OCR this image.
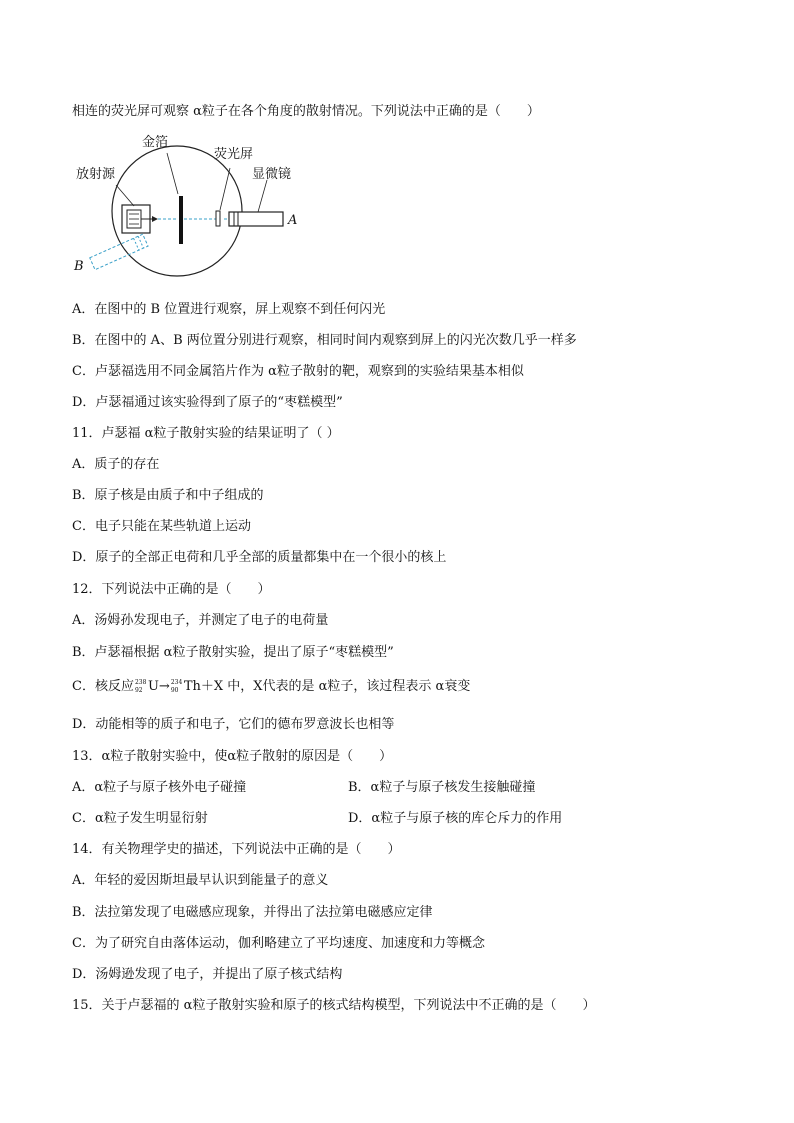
相连的荧光屏可观察 α粒子在各个角度的散射情况。下列说法中正确的是（　　）
金箔
荧光屏
放射源	显微镜
A
B
A．在图中的 B 位置进行观察，屏上观察不到任何闪光
B．在图中的 A、B 两位置分别进行观察，相同时间内观察到屏上的闪光次数几乎一样多
C．卢瑟福选用不同金属箔片作为 α粒子散射的靶，观察到的实验结果基本相似
D．卢瑟福通过该实验得到了原子的“枣糕模型”
11．卢瑟福 α粒子散射实验的结果证明了（ ）
A．质子的存在
B．原子核是由质子和中子组成的
C．电子只能在某些轨道上运动
D．原子的全部正电荷和几乎全部的质量都集中在一个很小的核上
12．下列说法中正确的是（　　）
A．汤姆孙发现电子，并测定了电子的电荷量
B．卢瑟福根据 α粒子散射实验，提出了原子“枣糕模型”
C．核反应 238
92 U→ 234
90 Th＋X 中，X代表的是 α粒子，该过程表示 α衰变
D．动能相等的质子和电子，它们的德布罗意波长也相等
13．α粒子散射实验中，使α粒子散射的原因是（　　）
A．α粒子与原子核外电子碰撞	B．α粒子与原子核发生接触碰撞
C．α粒子发生明显衍射	D．α粒子与原子核的库仑斥力的作用
14．有关物理学史的描述，下列说法中正确的是（　　）
A．年轻的爱因斯坦最早认识到能量子的意义
B．法拉第发现了电磁感应现象，并得出了法拉第电磁感应定律
C．为了研究自由落体运动，伽利略建立了平均速度、加速度和力等概念
D．汤姆逊发现了电子，并提出了原子核式结构
15．关于卢瑟福的 α粒子散射实验和原子的核式结构模型，下列说法中不正确的是（　　）
